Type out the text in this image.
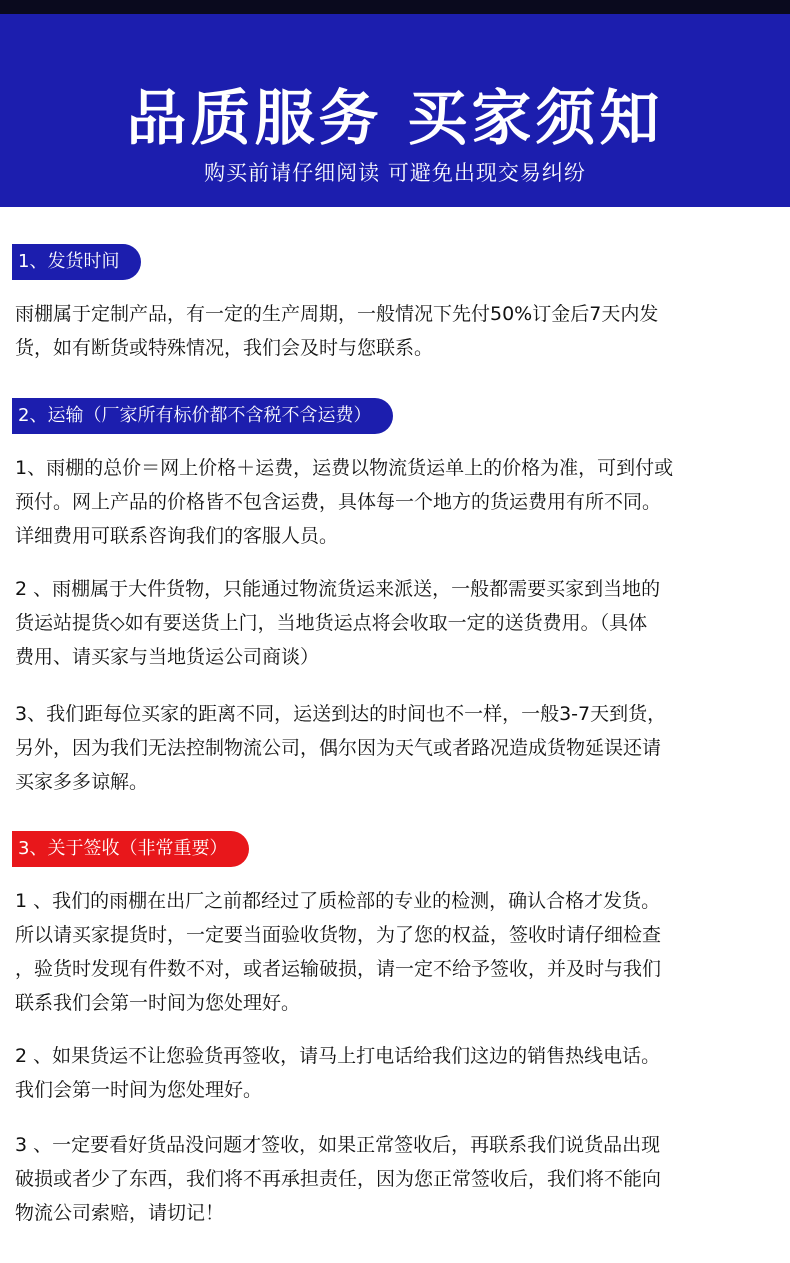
品质服务 买家须知
购买前请仔细阅读 可避免出现交易纠纷
1、发货时间
雨棚属于定制产品，有一定的生产周期，一般情况下先付50%订金后7天内发
货，如有断货或特殊情况，我们会及时与您联系。
2、运输（厂家所有标价都不含税不含运费）
1、雨棚的总价＝网上价格＋运费，运费以物流货运单上的价格为准，可到付或
预付。网上产品的价格皆不包含运费，具体每一个地方的货运费用有所不同。
详细费用可联系咨询我们的客服人员。
2 、雨棚属于大件货物，只能通过物流货运来派送，一般都需要买家到当地的
货运站提货◇如有要送货上门，当地货运点将会收取一定的送货费用。（具体
费用、请买家与当地货运公司商谈）
3、我们距每位买家的距离不同，运送到达的时间也不一样，一般3-7天到货，
另外，因为我们无法控制物流公司，偶尔因为天气或者路况造成货物延误还请
买家多多谅解。
3、关于签收（非常重要）
1 、我们的雨棚在出厂之前都经过了质检部的专业的检测，确认合格才发货。
所以请买家提货时，一定要当面验收货物，为了您的权益，签收时请仔细检查
，验货时发现有件数不对，或者运输破损，请一定不给予签收，并及时与我们
联系我们会第一时间为您处理好。
2 、如果货运不让您验货再签收，请马上打电话给我们这边的销售热线电话。
我们会第一时间为您处理好。
3 、一定要看好货品没问题才签收，如果正常签收后，再联系我们说货品出现
破损或者少了东西，我们将不再承担责任，因为您正常签收后，我们将不能向
物流公司索赔，请切记！
